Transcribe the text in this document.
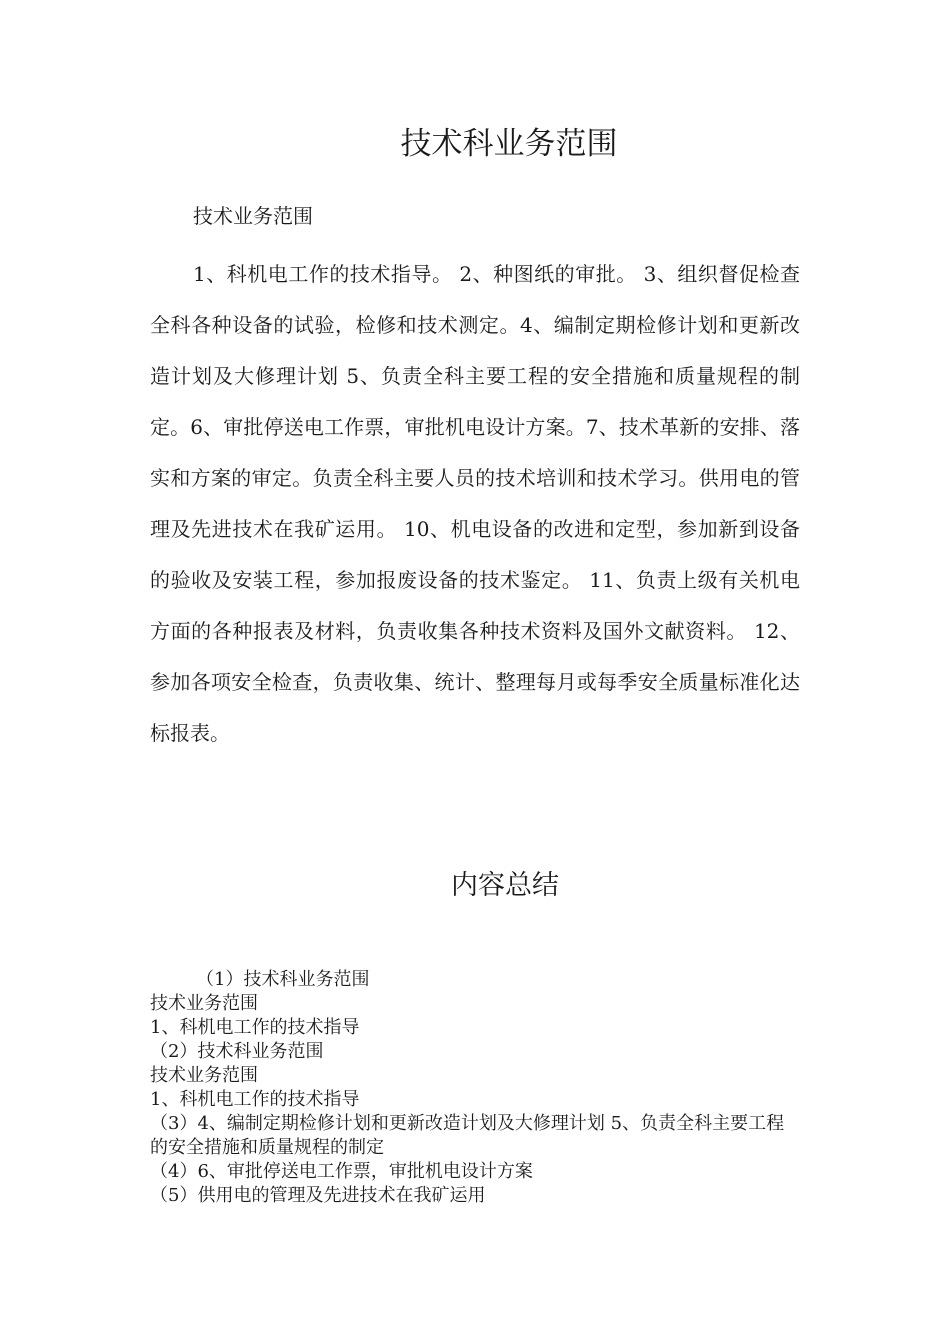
技术科业务范围

技术业务范围

1、科机电工作的技术指导。 2、种图纸的审批。 3、组织督促检查全科各种设备的试验，检修和技术测定。4、编制定期检修计划和更新改造计划及大修理计划 5、负责全科主要工程的安全措施和质量规程的制定。6、审批停送电工作票，审批机电设计方案。7、技术革新的安排、落实和方案的审定。负责全科主要人员的技术培训和技术学习。供用电的管理及先进技术在我矿运用。 10、机电设备的改进和定型，参加新到设备的验收及安装工程，参加报废设备的技术鉴定。 11、负责上级有关机电方面的各种报表及材料，负责收集各种技术资料及国外文献资料。 12、参加各项安全检查，负责收集、统计、整理每月或每季安全质量标准化达标报表。

内容总结
（1）技术科业务范围
技术业务范围
1、科机电工作的技术指导
（2）技术科业务范围
技术业务范围
1、科机电工作的技术指导
（3）4、编制定期检修计划和更新改造计划及大修理计划 5、负责全科主要工程的安全措施和质量规程的制定
（4）6、审批停送电工作票，审批机电设计方案
（5）供用电的管理及先进技术在我矿运用
